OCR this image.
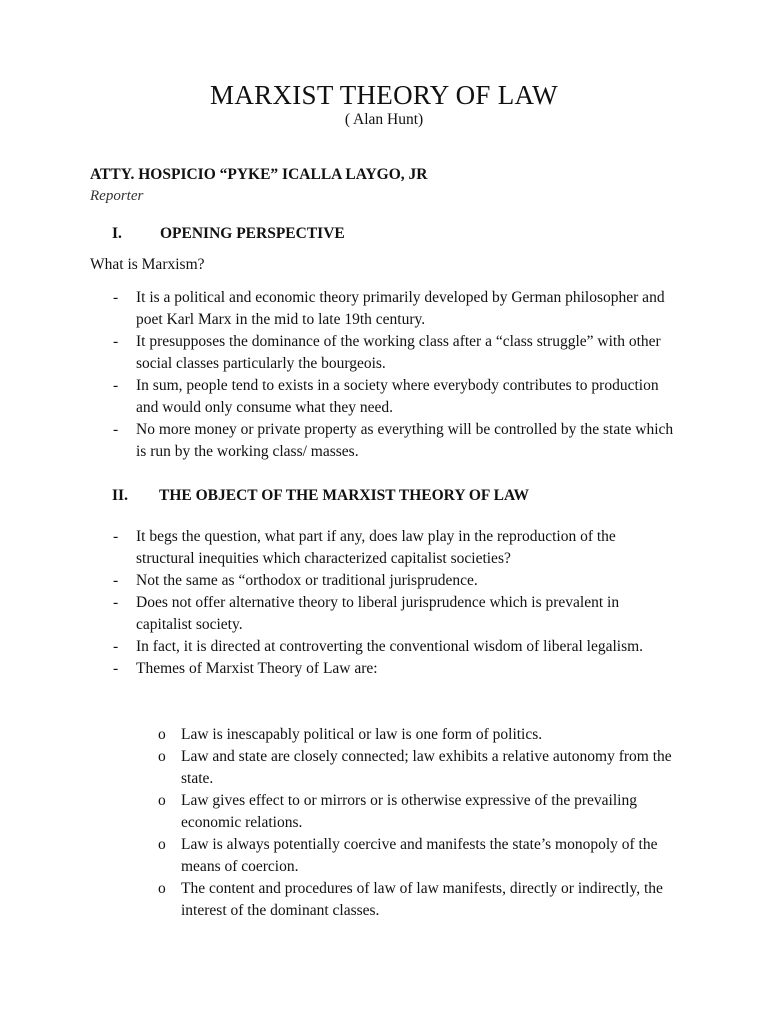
MARXIST THEORY OF LAW
( Alan Hunt)
ATTY. HOSPICIO “PYKE” ICALLA LAYGO, JR
Reporter
I. OPENING PERSPECTIVE
What is Marxism?
- It is a political and economic theory primarily developed by German philosopher and poet Karl Marx in the mid to late 19th century.
- It presupposes the dominance of the working class after a “class struggle” with other social classes particularly the bourgeois.
- In sum, people tend to exists in a society where everybody contributes to production and would only consume what they need.
- No more money or private property as everything will be controlled by the state which is run by the working class/ masses.
II. THE OBJECT OF THE MARXIST THEORY OF LAW
- It begs the question, what part if any, does law play in the reproduction of the structural inequities which characterized capitalist societies?
- Not the same as “orthodox or traditional jurisprudence.
- Does not offer alternative theory to liberal jurisprudence which is prevalent in capitalist society.
- In fact, it is directed at controverting the conventional wisdom of liberal legalism.
- Themes of Marxist Theory of Law are:
o Law is inescapably political or law is one form of politics.
o Law and state are closely connected; law exhibits a relative autonomy from the state.
o Law gives effect to or mirrors or is otherwise expressive of the prevailing economic relations.
o Law is always potentially coercive and manifests the state’s monopoly of the means of coercion.
o The content and procedures of law of law manifests, directly or indirectly, the interest of the dominant classes.
